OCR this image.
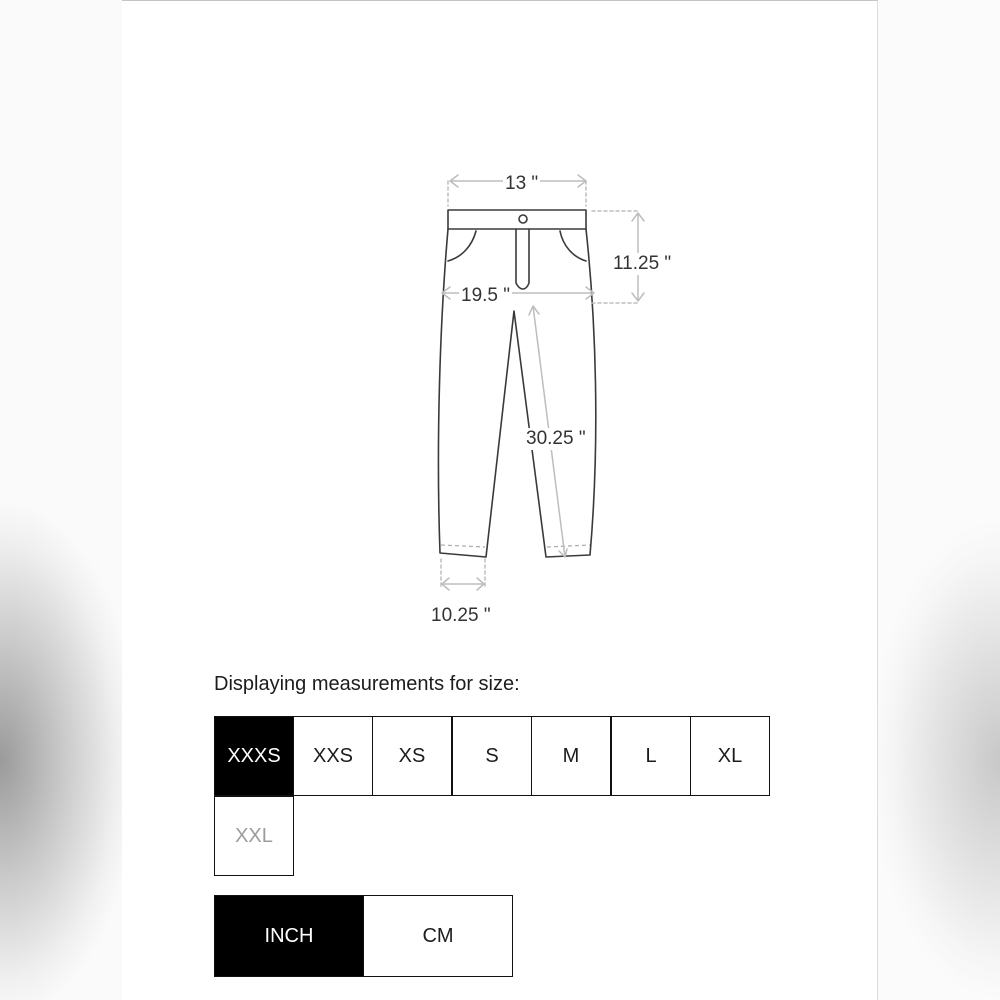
13 "
11.25 "
19.5 "
30.25 "
10.25 "
Displaying measurements for size:
XXXS	XXS	XS	S	M	L	XL
XXL
INCH	CM
